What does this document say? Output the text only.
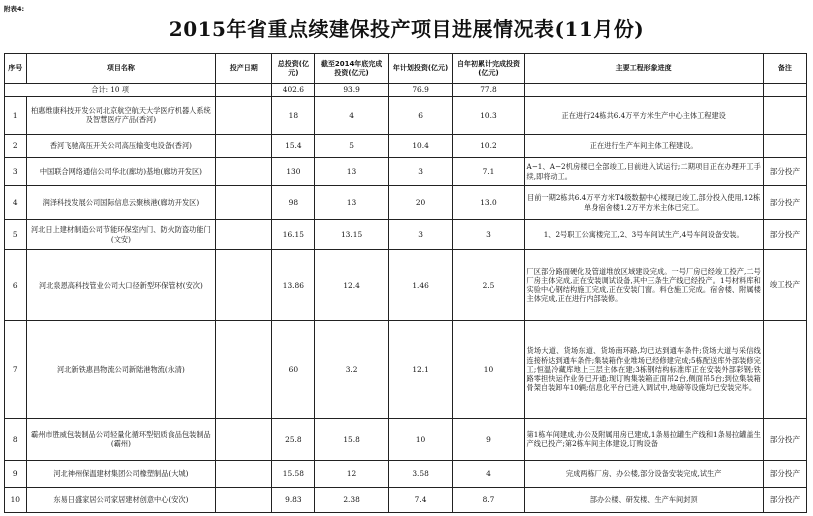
附表4:
2015年省重点续建保投产项目进展情况表(11月份)
序号	项目名称	投产日期	总投资(亿元)	截至2014年底完成投资(亿元)	年计划投资(亿元)	自年初累计完成投资(亿元)	主要工程形象进度	备注
合计: 10 项			402.6	93.9	76.9	77.8		
1	柏惠维康科技开发公司北京航空航天大学医疗机器人系统及智慧医疗产品(香河)		18	4	6	10.3	正在进行24栋共6.4万平方米生产中心主体工程建设	
2	香河飞驰高压开关公司高压输变电设备(香河)		15.4	5	10.4	10.2	正在进行生产车间主体工程建设。	
3	中国联合网络通信公司华北(廊坊)基地(廊坊开发区)		130	13	3	7.1	A−1、A−2机房楼已全部竣工,目前进入试运行;二期项目正在办理开工手续,即将动工。	部分投产
4	润泽科技发展公司国际信息云聚核港(廊坊开发区)		98	13	20	13.0	目前一期2栋共6.4万平方米T4级数据中心楼现已竣工,部分投入使用,12栋单身宿舍楼1.2万平方米主体已完工。	部分投产
5	河北日上建材制造公司节能环保室内门、防火防盗功能门(文安)		16.15	13.15	3	3	1、2号职工公寓楼完工,2、3号车间试生产,4号车间设备安装。	部分投产
6	河北泉恩高科技管业公司大口径新型环保管材(安次)		13.86	12.4	1.46	2.5	厂区部分路面硬化及管道堆放区域建设完成。一号厂房已经竣工投产,二号厂房主体完成,正在安装调试设备,其中三条生产线已经投产。1号材料库和实验中心钢结构施工完成,正在安装门窗。料仓施工完成。宿舍楼、附属楼主体完成,正在进行内部装修。	竣工投产
7	河北新铁惠昌物流公司新陆港物流(永清)		60	3.2	12.1	10	货场大道、货场东道、货场南环路,均已达到通车条件;货场大道与采信线连接桥达到通车条件;集装箱作业堆场已经修建完成;5栋配送库外部装修完工;恒温冷藏库地上三层主体在建;3栋钢结构标准库正在安装外部彩钢;铁路零担快运作业务已开通;现订购集装箱正面吊2台,侧面吊5台;到位集装箱骨架自装卸车10辆;信息化平台已进入调试中,地磅等设施均已安装完毕。	
8	霸州市胜威包装制品公司轻量化循环型铝质食品包装制品(霸州)		25.8	15.8	10	9	第1栋车间建成,办公及附属用房已建成,1条易拉罐生产线和1条易拉罐盖生产线已投产;第2栋车间主体建设,订购设备	部分投产
9	河北神州保温建材集团公司橡塑制品(大城)		15.58	12	3.58	4	完成两栋厂房、办公楼,部分设备安装完成,试生产	部分投产
10	东易日盛家居公司家居建材创意中心(安次)		9.83	2.38	7.4	8.7	部办公楼、研发楼、生产车间封顶	部分投产
